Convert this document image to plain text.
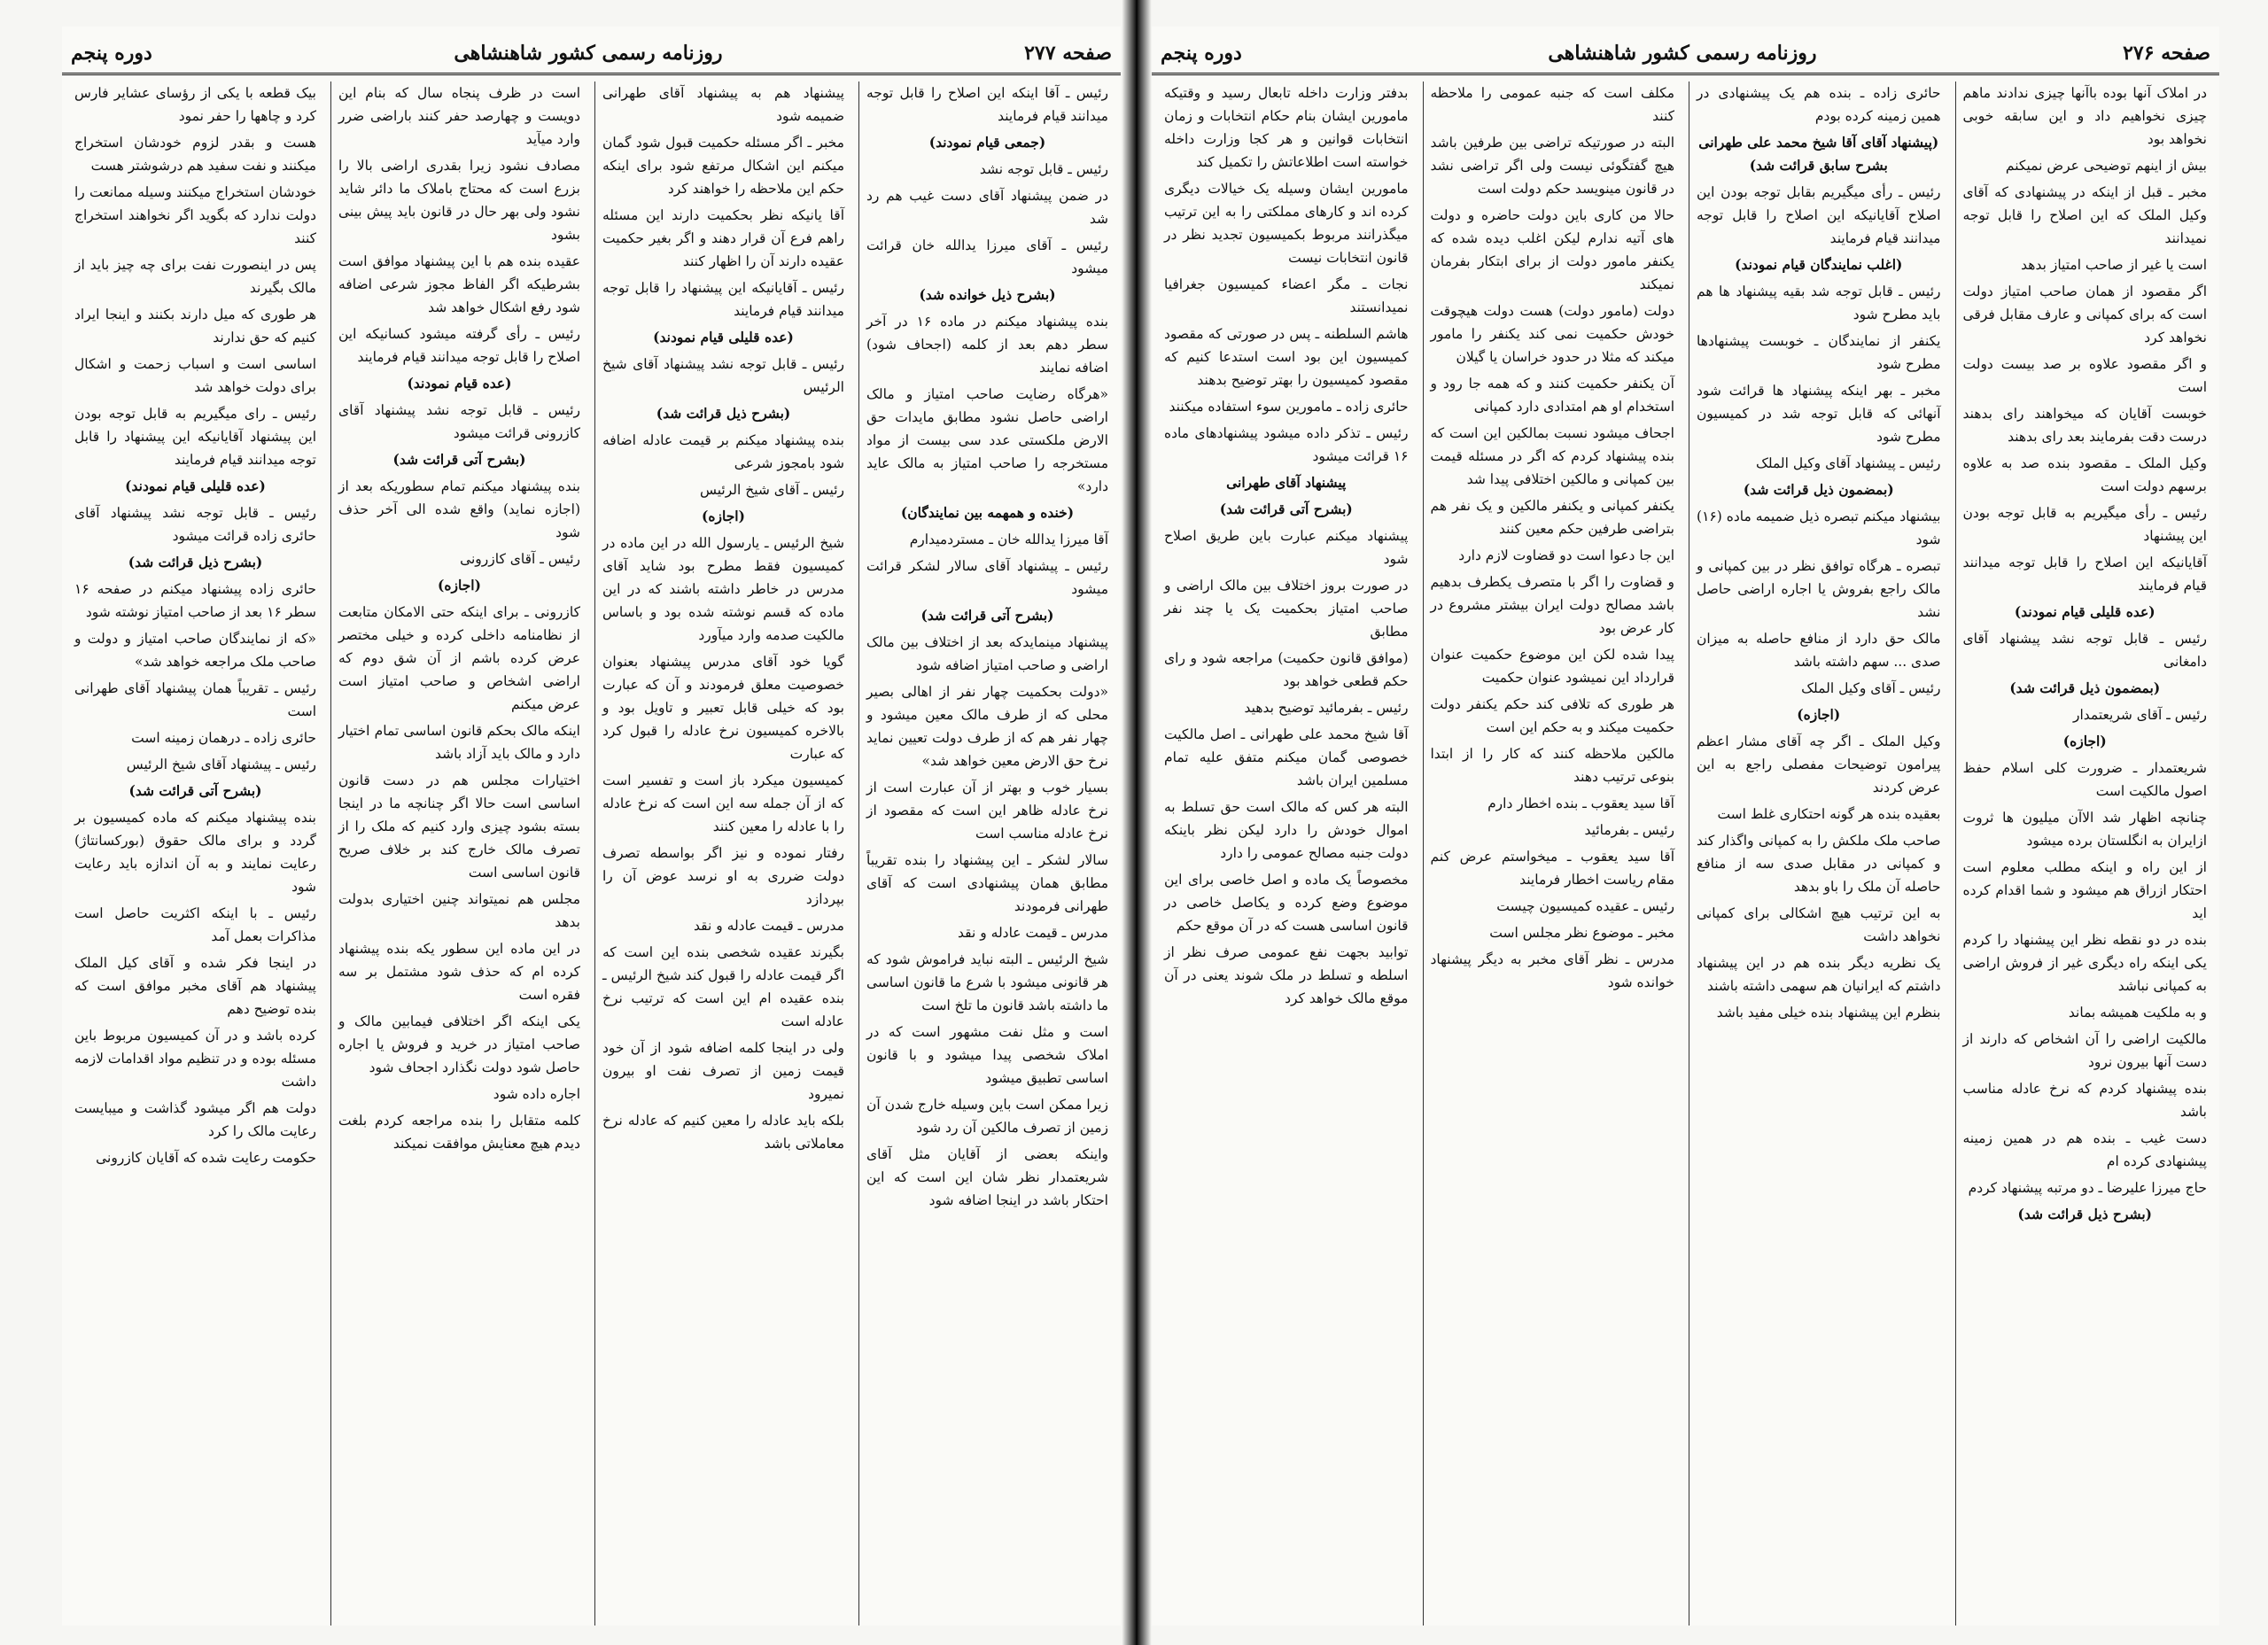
صفحه ۲۷۷
روزنامه رسمی کشور شاهنشاهی
دوره پنجم

رئیس ـ آقا اینکه این اصلاح را قابل توجه میدانند قیام فرمایند

(جمعی قیام نمودند)

رئیس ـ قابل توجه نشد

در ضمن پیشنهاد آقای دست غیب هم رد شد

رئیس ـ آقای میرزا یدالله خان قرائت میشود

(بشرح ذیل خوانده شد)

بنده پیشنهاد میکنم در ماده ۱۶ در آخر سطر دهم بعد از کلمه (اجحاف شود) اضافه نمایند

«هرگاه رضایت صاحب امتیاز و مالک اراضی حاصل نشود مطابق مایدات حق الارض ملکستی عدد سی بیست از مواد مستخرجه را صاحب امتیاز به مالک عاید دارد»

(خنده و همهمه بین نمایندگان)

آقا میرزا یدالله خان ـ مستردمیدارم

رئیس ـ پیشنهاد آقای سالار لشکر قرائت میشود

(بشرح آتی قرائت شد)

پیشنهاد مینمایدکه بعد از اختلاف بین مالک اراضی و صاحب امتیاز اضافه شود

«دولت بحکمیت چهار نفر از اهالی بصیر محلی که از طرف مالک معین میشود و چهار نفر هم که از طرف دولت تعیین نماید نرخ حق الارض معین خواهد شد»

بسیار خوب و بهتر از آن عبارت است از نرخ عادله ظاهر این است که مقصود از نرخ عادله مناسب است

سالار لشکر ـ این پیشنهاد را بنده تقریباً مطابق همان پیشنهادی است که آقای طهرانی فرمودند

مدرس ـ قیمت عادله و نقد

شیخ الرئیس ـ البته نباید فراموش شود که هر قانونی میشود با شرع ما قانون اساسی ما داشته باشد قانون ما تلخ است

است و مثل نفت مشهور است که در املاک شخصی پیدا میشود و با قانون اساسی تطبیق میشود

زیرا ممکن است باین وسیله خارج شدن آن زمین از تصرف مالکین آن رد شود

واینکه بعضی از آقایان مثل آقای شریعتمدار نظر شان این است که این احتکار باشد در اینجا اضافه شود

پیشنهاد هم به پیشنهاد آقای طهرانی ضمیمه شود

مخبر ـ اگر مسئله حکمیت قبول شود گمان میکنم این اشکال مرتفع شود برای اینکه حکم این ملاحظه را خواهند کرد

آقا یانیکه نظر بحکمیت دارند این مسئله راهم فرع آن قرار دهند و اگر بغیر حکمیت عقیده دارند آن را اظهار کنند

رئیس ـ آقایانیکه این پیشنهاد را قابل توجه میدانند قیام فرمایند

(عده قلیلی قیام نمودند)

رئیس ـ قابل توجه نشد پیشنهاد آقای شیخ الرئیس

(بشرح ذیل قرائت شد)

بنده پیشنهاد میکنم بر قیمت عادله اضافه شود بامجوز شرعی

رئیس ـ آقای شیخ الرئیس

(اجازه)

شیخ الرئیس ـ یارسول الله در این ماده در کمیسیون فقط مطرح بود شاید آقای مدرس در خاطر داشته باشند که در این ماده که قسم نوشته شده بود و باساس مالکیت صدمه وارد میآورد

گویا خود آقای مدرس پیشنهاد بعنوان خصوصیت معلق فرمودند و آن که عبارت بود که خیلی قابل تعبیر و تاویل بود و بالاخره کمیسیون نرخ عادله را قبول کرد که عبارت

کمیسیون میکرد باز است و تفسیر است که از آن جمله سه این است که نرخ عادله را با عادله را معین کنند

رفتار نموده و نیز اگر بواسطه تصرف دولت ضرری به او نرسد عوض آن را بپردازد

مدرس ـ قیمت عادله و نقد

بگیرند عقیده شخصی بنده این است که اگر قیمت عادله را قبول کند شیخ الرئیس ـ بنده عقیده ام این است که ترتیب نرخ عادله است

ولی در اینجا کلمه اضافه شود از آن خود قیمت زمین از تصرف نفت او بیرون نمیرود

بلکه باید عادله را معین کنیم که عادله نرخ معاملاتی باشد

است در ظرف پنجاه سال که بنام این دویست و چهارصد حفر کنند باراضی ضرر وارد میآید

مصادف نشود زیرا بقدری اراضی بالا را بزرع است که محتاج باملاک ما دائر شاید نشود ولی بهر حال در قانون باید پیش بینی بشود

عقیده بنده هم با این پیشنهاد موافق است بشرطیکه اگر الفاظ مجوز شرعی اضافه شود رفع اشکال خواهد شد

رئیس ـ رأی گرفته میشود کسانیکه این اصلاح را قابل توجه میدانند قیام فرمایند

(عده قیام نمودند)

رئیس ـ قابل توجه نشد پیشنهاد آقای کازرونی قرائت میشود

(بشرح آتی قرائت شد)

بنده پیشنهاد میکنم تمام سطوریکه بعد از (اجازه نماید) واقع شده الی آخر حذف شود

رئیس ـ آقای کازرونی

(اجازه)

کازرونی ـ برای اینکه حتی الامکان متابعت از نظامنامه داخلی کرده و خیلی مختصر عرض کرده باشم از آن شق دوم که اراضی اشخاص و صاحب امتیاز است عرض میکنم

اینکه مالک بحکم قانون اساسی تمام اختیار دارد و مالک باید آزاد باشد

اختیارات مجلس هم در دست قانون اساسی است حالا اگر چنانچه ما در اینجا بسته بشود چیزی وارد کنیم که ملک را از تصرف مالک خارج کند بر خلاف صریح قانون اساسی است

مجلس هم نمیتواند چنین اختیاری بدولت بدهد

در این ماده این سطور یکه بنده پیشنهاد کرده ام که حذف شود مشتمل بر سه فقره است

یکی اینکه اگر اختلافی فیمابین مالک و صاحب امتیاز در خرید و فروش یا اجاره حاصل شود دولت نگذارد اجحاف شود

اجاره داده شود

کلمه متقابل را بنده مراجعه کردم بلغت دیدم هیچ معنایش موافقت نمیکند

بیک قطعه با یکی از رؤسای عشایر فارس کرد و چاهها را حفر نمود

هست و بقدر لزوم خودشان استخراج میکنند و نفت سفید هم درشوشتر هست

خودشان استخراج میکنند وسیله ممانعت را دولت ندارد که بگوید اگر نخواهند استخراج کنند

پس در اینصورت نفت برای چه چیز باید از مالک بگیرند

هر طوری که میل دارند بکنند و اینجا ایراد کنیم که حق ندارند

اساسی است و اسباب زحمت و اشکال برای دولت خواهد شد

رئیس ـ رای میگیریم به قابل توجه بودن این پیشنهاد آقایانیکه این پیشنهاد را قابل توجه میدانند قیام فرمایند

(عده قلیلی قیام نمودند)

رئیس ـ قابل توجه نشد پیشنهاد آقای حائری زاده قرائت میشود

(بشرح ذیل قرائت شد)

حائری زاده پیشنهاد میکنم در صفحه ۱۶ سطر ۱۶ بعد از صاحب امتیاز نوشته شود

«که از نمایندگان صاحب امتیاز و دولت و صاحب ملک مراجعه خواهد شد»

رئیس ـ تقریباً همان پیشنهاد آقای طهرانی است

حائری زاده ـ درهمان زمینه است

رئیس ـ پیشنهاد آقای شیخ الرئیس

(بشرح آتی قرائت شد)

بنده پیشنهاد میکنم که ماده کمیسیون بر گردد و برای مالک حقوق (بورکسانتاژ) رعایت نمایند و به آن اندازه باید رعایت شود

رئیس ـ با اینکه اکثریت حاصل است مذاکرات بعمل آمد

در اینجا فکر شده و آقای کیل الملک پیشنهاد هم آقای مخبر موافق است که بنده توضیح دهم

کرده باشد و در آن کمیسیون مربوط باین مسئله بوده و در تنظیم مواد اقدامات لازمه داشت

دولت هم اگر میشود گذاشت و میبایست رعایت مالک را کرد

حکومت رعایت شده که آقایان کازرونی

صفحه ۲۷۶
روزنامه رسمی کشور شاهنشاهی
دوره پنجم

در املاک آنها بوده باآنها چیزی ندادند ماهم چیزی نخواهیم داد و این سابقه خوبی نخواهد بود

بیش از اینهم توضیحی عرض نمیکنم

مخبر ـ قبل از اینکه در پیشنهادی که آقای وکیل الملک که این اصلاح را قابل توجه نمیدانند

است یا غیر از صاحب امتیاز بدهد

اگر مقصود از همان صاحب امتیاز دولت است که برای کمپانی و عارف مقابل فرقی نخواهد کرد

و اگر مقصود علاوه بر صد بیست دولت است

خوبست آقایان که میخواهند رای بدهند درست دقت بفرمایند بعد رای بدهند

وکیل الملک ـ مقصود بنده صد به علاوه برسهم دولت است

رئیس ـ رأی میگیریم به قابل توجه بودن این پیشنهاد

آقایانیکه این اصلاح را قابل توجه میدانند قیام فرمایند

(عده قلیلی قیام نمودند)

رئیس ـ قابل توجه نشد پیشنهاد آقای دامغانی

(بمضمون ذیل قرائت شد)

رئیس ـ آقای شریعتمدار

(اجازه)

شریعتمدار ـ ضرورت کلی اسلام حفظ اصول مالکیت است

چنانچه اظهار شد الاآن میلیون ها ثروت ازایران به انگلستان برده میشود

از این راه و اینکه مطلب معلوم است احتکار ازراق هم میشود و شما اقدام کرده اید

بنده در دو نقطه نظر این پیشنهاد را کردم یکی اینکه راه دیگری غیر از فروش اراضی به کمپانی نباشد

و به ملکیت همیشه بماند

مالکیت اراضی را آن اشخاص که دارند از دست آنها بیرون نرود

بنده پیشنهاد کردم که نرخ عادله مناسب باشد

دست غیب ـ بنده هم در همین زمینه پیشنهادی کرده ام

حاج میرزا علیرضا ـ دو مرتبه پیشنهاد کردم

(بشرح ذیل قرائت شد)

حائری زاده ـ بنده هم یک پیشنهادی در همین زمینه کرده بودم

(پیشنهاد آقای آقا شیخ محمد علی طهرانی بشرح سابق قرائت شد)

رئیس ـ رأی میگیریم بقابل توجه بودن این اصلاح آقایانیکه این اصلاح را قابل توجه میدانند قیام فرمایند

(اغلب نمایندگان قیام نمودند)

رئیس ـ قابل توجه شد بقیه پیشنهاد ها هم باید مطرح شود

یکنفر از نمایندگان ـ خوبست پیشنهادها مطرح شود

مخبر ـ بهر اینکه پیشنهاد ها قرائت شود آنهائی که قابل توجه شد در کمیسیون مطرح شود

رئیس ـ پیشنهاد آقای وکیل الملک

(بمضمون ذیل قرائت شد)

بیشنهاد میکنم تبصره ذیل ضمیمه ماده (۱۶) شود

تبصره ـ هرگاه توافق نظر در بین کمپانی و مالک راجع بفروش یا اجاره اراضی حاصل نشد

مالک حق دارد از منافع حاصله به میزان صدی ... سهم داشته باشد

رئیس ـ آقای وکیل الملک

(اجازه)

وکیل الملک ـ اگر چه آقای مشار اعظم پیرامون توضیحات مفصلی راجع به این عرض کردند

بعقیده بنده هر گونه احتکاری غلط است

صاحب ملک ملکش را به کمپانی واگذار کند و کمپانی در مقابل صدی سه از منافع حاصله آن ملک را باو بدهد

به این ترتیب هیچ اشکالی برای کمپانی نخواهد داشت

یک نظریه دیگر بنده هم در این پیشنهاد داشتم که ایرانیان هم سهمی داشته باشند

بنظرم این پیشنهاد بنده خیلی مفید باشد

مکلف است که جنبه عمومی را ملاحظه کنند

البته در صورتیکه تراضی بین طرفین باشد هیچ گفتگوئی نیست ولی اگر تراضی نشد در قانون مینویسد حکم دولت است

حالا من کاری باین دولت حاضره و دولت های آتیه ندارم لیکن اغلب دیده شده که یکنفر مامور دولت از برای ابتکار بفرمان نمیکند

دولت (مامور دولت) هست دولت هیچوقت خودش حکمیت نمی کند یکنفر را مامور میکند که مثلا در حدود خراسان یا گیلان

آن یکنفر حکمیت کنند و که همه جا رود و استخدام او هم امتدادی دارد کمپانی

اجحاف میشود نسبت بمالکین این است که بنده پیشنهاد کردم که اگر در مسئله قیمت بین کمپانی و مالکین اختلافی پیدا شد

یکنفر کمپانی و یکنفر مالکین و یک نفر هم بتراضی طرفین حکم معین کنند

این جا دعوا است دو قضاوت لازم دارد

و قضاوت را اگر با متصرف یکطرف بدهیم باشد مصالح دولت ایران بیشتر مشروع در کار عرض بود

پیدا شده لکن این موضوع حکمیت عنوان قرارداد این نمیشود عنوان حکمیت

هر طوری که تلافی کند حکم یکنفر دولت حکمیت میکند و به حکم این است

مالکین ملاحظه کنند که کار را از ابتدا بنوعی ترتیب دهند

آقا سید یعقوب ـ بنده اخطار دارم

رئیس ـ بفرمائید

آقا سید یعقوب ـ میخواستم عرض کنم مقام ریاست اخطار فرمایند

رئیس ـ عقیده کمیسیون چیست

مخبر ـ موضوع نظر مجلس است

مدرس ـ نظر آقای مخبر به دیگر پیشنهاد خوانده شود

بدفتر وزارت داخله تابعال رسید و وقتیکه مامورین ایشان بنام حکام انتخابات و زمان انتخابات قوانین و هر کجا وزارت داخله خواسته است اطلاعاتش را تکمیل کند

مامورین ایشان وسیله یک خیالات دیگری کرده اند و کارهای مملکتی را به این ترتیب میگذرانند مربوط بکمیسیون تجدید نظر در قانون انتخابات نیست

نجات ـ مگر اعضاء کمیسیون جغرافیا نمیدانستند

هاشم السلطنه ـ پس در صورتی که مقصود کمیسیون این بود است استدعا کنیم که مقصود کمیسیون را بهتر توضیح بدهند

حائری زاده ـ مامورین سوء استفاده میکنند

رئیس ـ تذکر داده میشود پیشنهادهای ماده ۱۶ قرائت میشود

پیشنهاد آقای طهرانی

(بشرح آتی قرائت شد)

پیشنهاد میکنم عبارت باین طریق اصلاح شود

در صورت بروز اختلاف بین مالک اراضی و صاحب امتیاز بحکمیت یک یا چند نفر مطابق

(موافق قانون حکمیت) مراجعه شود و رای حکم قطعی خواهد بود

رئیس ـ بفرمائید توضیح بدهید

آقا شیخ محمد علی طهرانی ـ اصل مالکیت خصوصی گمان میکنم متفق علیه تمام مسلمین ایران باشد

البته هر کس که مالک است حق تسلط به اموال خودش را دارد لیکن نظر باینکه دولت جنبه مصالح عمومی را دارد

مخصوصاً یک ماده و اصل خاصی برای این موضوع وضع کرده و یکاصل خاصی در قانون اساسی هست که در آن موقع حکم

توابید بجهت نفع عمومی صرف نظر از اسلطه و تسلط در ملک شوند یعنی در آن موقع مالک خواهد کرد
